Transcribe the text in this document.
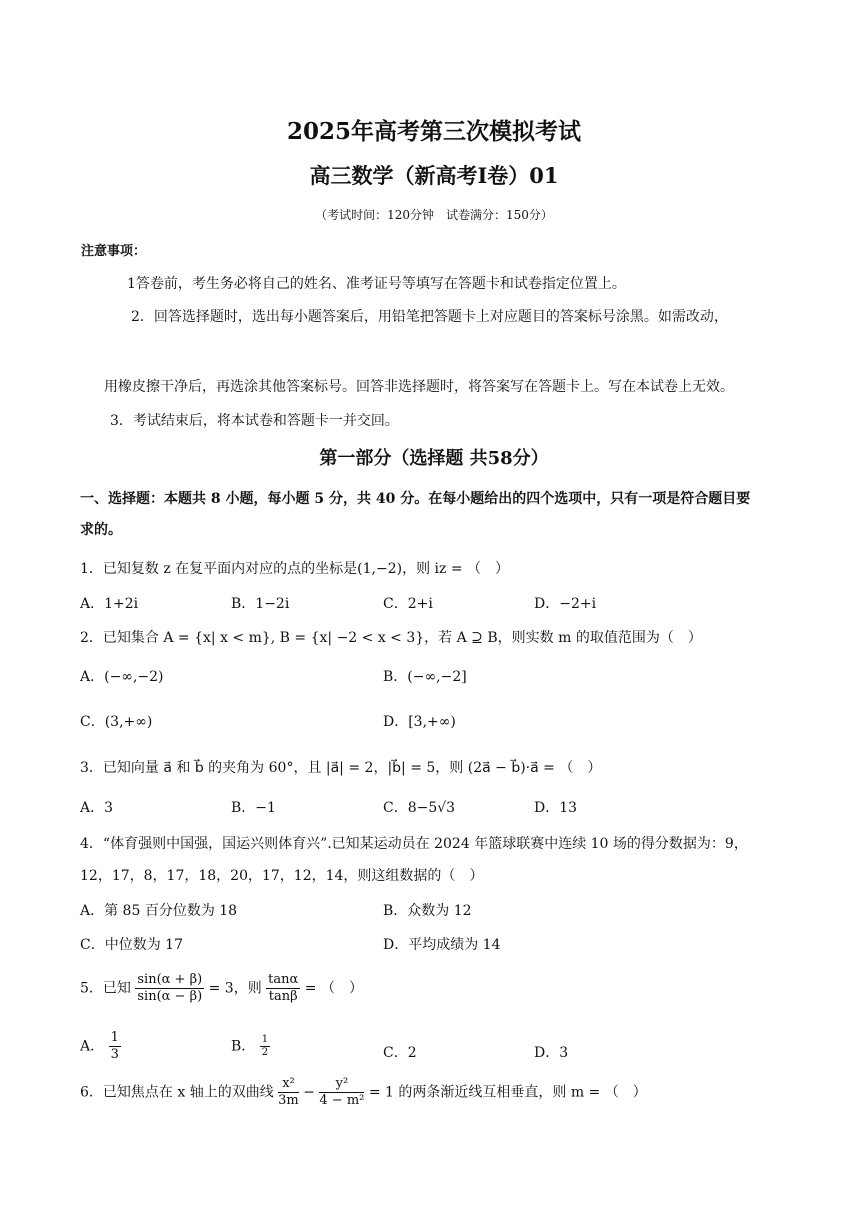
2025年高考第三次模拟考试
高三数学（新高考I卷）01
（考试时间：120分钟　试卷满分：150分）
注意事项：
1答卷前，考生务必将自己的姓名、准考证号等填写在答题卡和试卷指定位置上。
2．回答选择题时，选出每小题答案后，用铅笔把答题卡上对应题目的答案标号涂黑。如需改动，
用橡皮擦干净后，再选涂其他答案标号。回答非选择题时，将答案写在答题卡上。写在本试卷上无效。
3．考试结束后，将本试卷和答题卡一并交回。
第一部分（选择题 共58分）
一、选择题：本题共 8 小题，每小题 5 分，共 40 分。在每小题给出的四个选项中，只有一项是符合题目要
求的。
1．已知复数 z 在复平面内对应的点的坐标是(1,−2)，则 iz = （　）
A．1+2i	B．1−2i	C．2+i	D．−2+i
2．已知集合 A = {x| x < m}, B = {x| −2 < x < 3}，若 A ⊇ B，则实数 m 的取值范围为（　）
A．(−∞,−2)	B．(−∞,−2]
C．(3,+∞)	D．[3,+∞)
3．已知向量 a⃗ 和 b⃗ 的夹角为 60°，且 |a⃗| = 2，|b⃗| = 5，则 (2a⃗ − b⃗)·a⃗ = （　）
A．3	B．−1	C．8−5√3	D．13
4．“体育强则中国强，国运兴则体育兴”.已知某运动员在 2024 年篮球联赛中连续 10 场的得分数据为：9，
12，17，8，17，18，20，17，12，14，则这组数据的（　）
A．第 85 百分位数为 18	B．众数为 12
C．中位数为 17	D．平均成绩为 14
5．已知 $\frac{\sin(\alpha + \beta)}{\sin(\alpha - \beta)} = 3$，则 $\frac{\tan\alpha}{\tan\beta}$ = （　）
A． $\frac{1}{3}$	B． $\frac{1}{2}$	C．2	D．3
6．已知焦点在 x 轴上的双曲线 $\frac{\text{x²}}{3m} - \frac{\text{y²}}{\text{4 − m²}} = 1$ 的两条渐近线互相垂直，则 m = （　）
